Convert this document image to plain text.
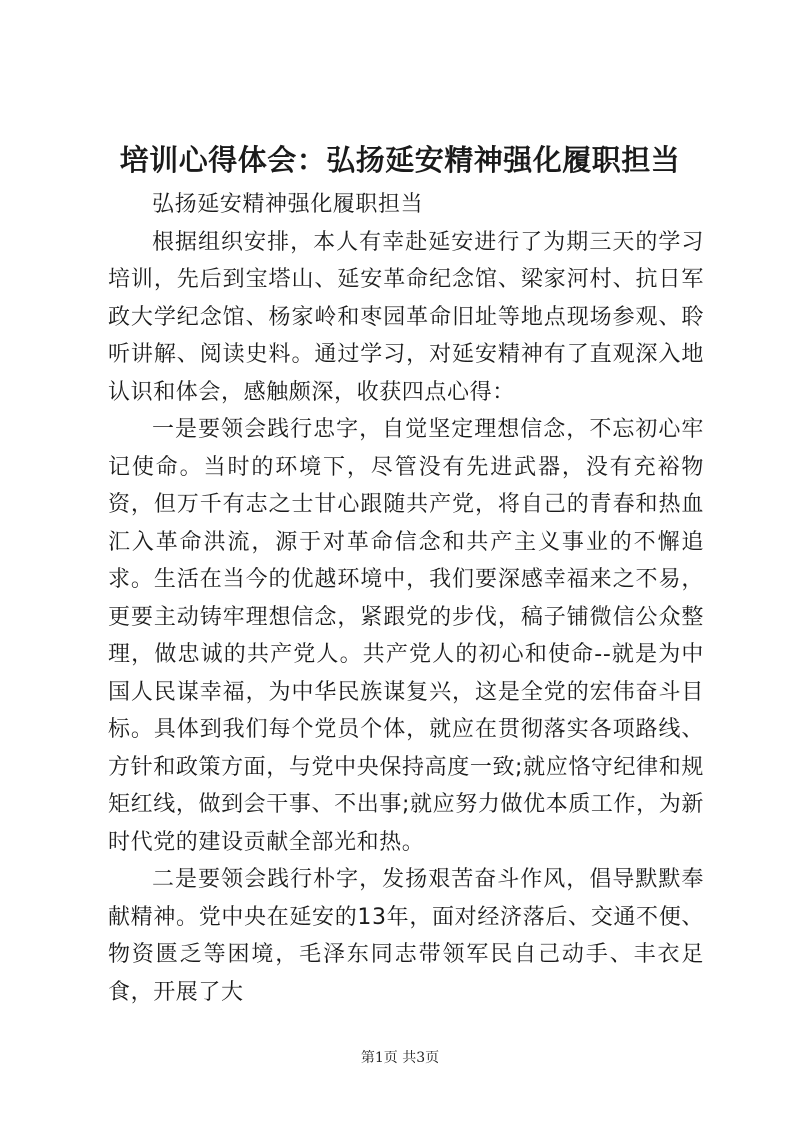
培训心得体会：弘扬延安精神强化履职担当

弘扬延安精神强化履职担当

根据组织安排，本人有幸赴延安进行了为期三天的学习培训，先后到宝塔山、延安革命纪念馆、梁家河村、抗日军政大学纪念馆、杨家岭和枣园革命旧址等地点现场参观、聆听讲解、阅读史料。通过学习，对延安精神有了直观深入地认识和体会，感触颇深，收获四点心得：

一是要领会践行忠字，自觉坚定理想信念，不忘初心牢记使命。当时的环境下，尽管没有先进武器，没有充裕物资，但万千有志之士甘心跟随共产党，将自己的青春和热血汇入革命洪流，源于对革命信念和共产主义事业的不懈追求。生活在当今的优越环境中，我们要深感幸福来之不易，更要主动铸牢理想信念，紧跟党的步伐，稿子铺微信公众整理，做忠诚的共产党人。共产党人的初心和使命--就是为中国人民谋幸福，为中华民族谋复兴，这是全党的宏伟奋斗目标。具体到我们每个党员个体，就应在贯彻落实各项路线、方针和政策方面，与党中央保持高度一致;就应恪守纪律和规矩红线，做到会干事、不出事;就应努力做优本质工作，为新时代党的建设贡献全部光和热。

二是要领会践行朴字，发扬艰苦奋斗作风，倡导默默奉献精神。党中央在延安的13年，面对经济落后、交通不便、物资匮乏等困境，毛泽东同志带领军民自己动手、丰衣足食，开展了大

第1页 共3页
